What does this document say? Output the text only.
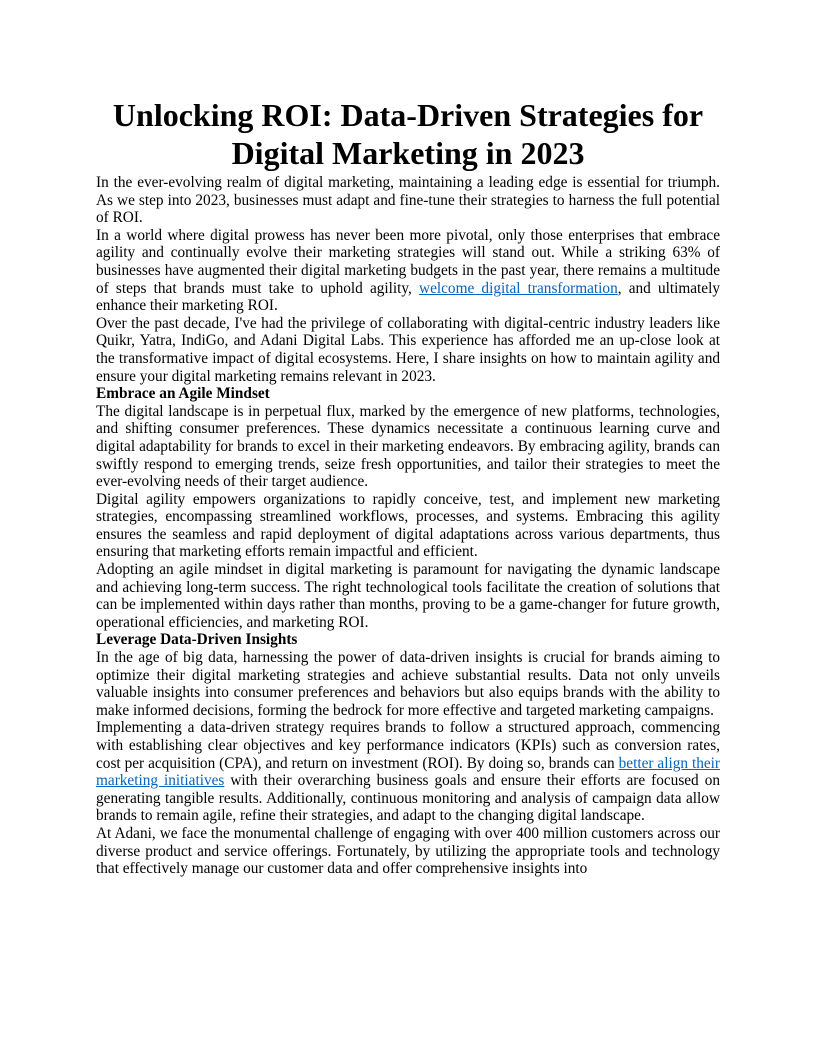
Unlocking ROI: Data-Driven Strategies for Digital Marketing in 2023

In the ever-evolving realm of digital marketing, maintaining a leading edge is essential for triumph. As we step into 2023, businesses must adapt and fine-tune their strategies to harness the full potential of ROI.

In a world where digital prowess has never been more pivotal, only those enterprises that embrace agility and continually evolve their marketing strategies will stand out. While a striking 63% of businesses have augmented their digital marketing budgets in the past year, there remains a multitude of steps that brands must take to uphold agility, welcome digital transformation, and ultimately enhance their marketing ROI.

Over the past decade, I've had the privilege of collaborating with digital-centric industry leaders like Quikr, Yatra, IndiGo, and Adani Digital Labs. This experience has afforded me an up-close look at the transformative impact of digital ecosystems. Here, I share insights on how to maintain agility and ensure your digital marketing remains relevant in 2023.

Embrace an Agile Mindset

The digital landscape is in perpetual flux, marked by the emergence of new platforms, technologies, and shifting consumer preferences. These dynamics necessitate a continuous learning curve and digital adaptability for brands to excel in their marketing endeavors. By embracing agility, brands can swiftly respond to emerging trends, seize fresh opportunities, and tailor their strategies to meet the ever-evolving needs of their target audience.

Digital agility empowers organizations to rapidly conceive, test, and implement new marketing strategies, encompassing streamlined workflows, processes, and systems. Embracing this agility ensures the seamless and rapid deployment of digital adaptations across various departments, thus ensuring that marketing efforts remain impactful and efficient.

Adopting an agile mindset in digital marketing is paramount for navigating the dynamic landscape and achieving long-term success. The right technological tools facilitate the creation of solutions that can be implemented within days rather than months, proving to be a game-changer for future growth, operational efficiencies, and marketing ROI.

Leverage Data-Driven Insights

In the age of big data, harnessing the power of data-driven insights is crucial for brands aiming to optimize their digital marketing strategies and achieve substantial results. Data not only unveils valuable insights into consumer preferences and behaviors but also equips brands with the ability to make informed decisions, forming the bedrock for more effective and targeted marketing campaigns.

Implementing a data-driven strategy requires brands to follow a structured approach, commencing with establishing clear objectives and key performance indicators (KPIs) such as conversion rates, cost per acquisition (CPA), and return on investment (ROI). By doing so, brands can better align their marketing initiatives with their overarching business goals and ensure their efforts are focused on generating tangible results. Additionally, continuous monitoring and analysis of campaign data allow brands to remain agile, refine their strategies, and adapt to the changing digital landscape.

At Adani, we face the monumental challenge of engaging with over 400 million customers across our diverse product and service offerings. Fortunately, by utilizing the appropriate tools and technology that effectively manage our customer data and offer comprehensive insights into
